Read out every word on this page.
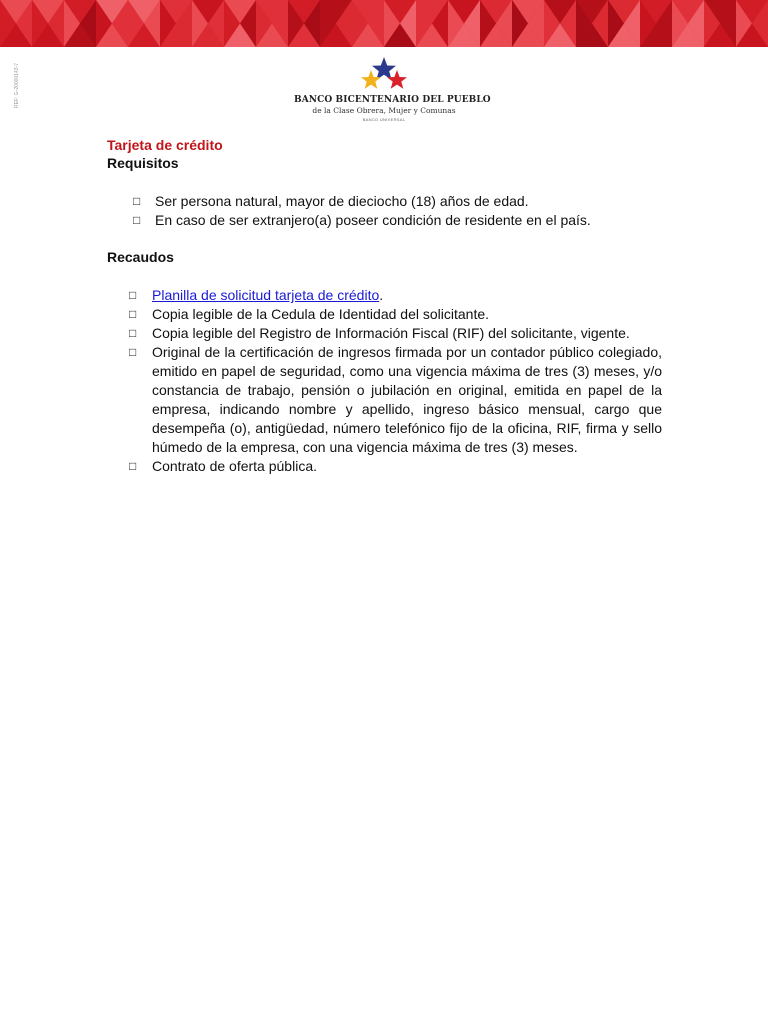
REF: G-20000143-7	BANCO BICENTENARIO DEL PUEBLO
de la Clase Obrera, Mujer y Comunas
BANCO UNIVERSAL
Tarjeta de crédito
Requisitos
□ Ser persona natural, mayor de dieciocho (18) años de edad.
□ En caso de ser extranjero(a) poseer condición de residente en el país.
Recaudos
□ Planilla de solicitud tarjeta de crédito.
□ Copia legible de la Cedula de Identidad del solicitante.
□ Copia legible del Registro de Información Fiscal (RIF) del solicitante, vigente.
□ Original de la certificación de ingresos firmada por un contador público colegiado, emitido en papel de seguridad, como una vigencia máxima de tres (3) meses, y/o constancia de trabajo, pensión o jubilación en original, emitida en papel de la empresa, indicando nombre y apellido, ingreso básico mensual, cargo que desempeña (o), antigüedad, número telefónico fijo de la oficina, RIF, firma y sello húmedo de la empresa, con una vigencia máxima de tres (3) meses.
□ Contrato de oferta pública.
